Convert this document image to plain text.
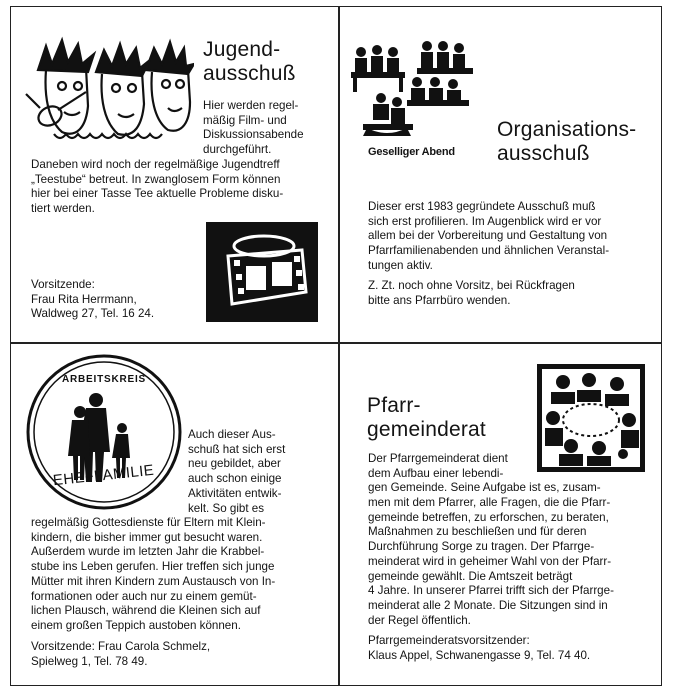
Jugend-
ausschuß

Hier werden regel-

mäßig Film- und

Diskussionsabende

durchgeführt.

Daneben wird noch der regelmäßige Jugendtreff

„Teestube“ betreut. In zwanglosem Form können

hier bei einer Tasse Tee aktuelle Probleme disku-

tiert werden.

Vorsitzende:

Frau Rita Herrmann,

Waldweg 27, Tel. 16 24.

Geselliger Abend
Organisations-
ausschuß

Dieser erst 1983 gegründete Ausschuß muß

sich erst profilieren. Im Augenblick wird er vor

allem bei der Vorbereitung und Gestaltung von

Pfarrfamilienabenden und ähnlichen Veranstal-

tungen aktiv.

Z. Zt. noch ohne Vorsitz, bei Rückfragen

bitte ans Pfarrbüro wenden.

ARBEITSKREIS
EHE+FAMILIE

Auch dieser Aus-

schuß hat sich erst

neu gebildet, aber

auch schon einige

Aktivitäten entwik-

kelt. So gibt es

regelmäßig Gottesdienste für Eltern mit Klein-

kindern, die bisher immer gut besucht waren.

Außerdem wurde im letzten Jahr die Krabbel-

stube ins Leben gerufen. Hier treffen sich junge

Mütter mit ihren Kindern zum Austausch von In-

formationen oder auch nur zu einem gemüt-

lichen Plausch, während die Kleinen sich auf

einem großen Teppich austoben können.

Vorsitzende: Frau Carola Schmelz,

Spielweg 1, Tel. 78 49.

Pfarr-
gemeinderat

Der Pfarrgemeinderat dient

dem Aufbau einer lebendi-

gen Gemeinde. Seine Aufgabe ist es, zusam-

men mit dem Pfarrer, alle Fragen, die die Pfarr-

gemeinde betreffen, zu erforschen, zu beraten,

Maßnahmen zu beschließen und für deren

Durchführung Sorge zu tragen. Der Pfarrge-

meinderat wird in geheimer Wahl von der Pfarr-

gemeinde gewählt. Die Amtszeit beträgt

4 Jahre. In unserer Pfarrei trifft sich der Pfarrge-

meinderat alle 2 Monate. Die Sitzungen sind in

der Regel öffentlich.

Pfarrgemeinderatsvorsitzender:

Klaus Appel, Schwanengasse 9, Tel. 74 40.
